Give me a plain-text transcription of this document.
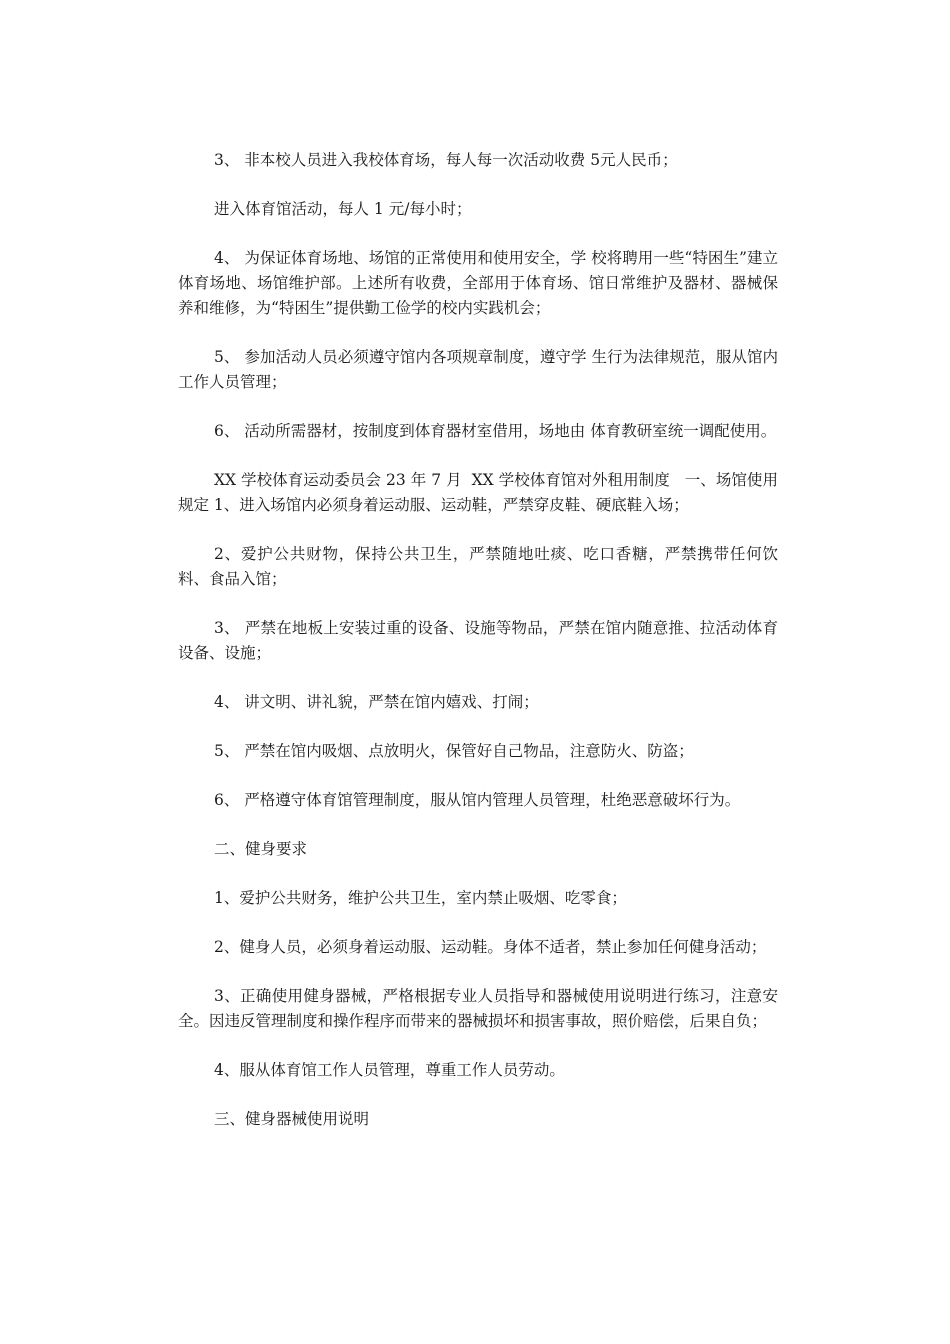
3、 非本校人员进入我校体育场，每人每一次活动收费 5元人民币；

进入体育馆活动，每人 1 元/每小时；

4、 为保证体育场地、场馆的正常使用和使用安全，学 校将聘用一些“特困生”建立体育场地、场馆维护部。上述所有收费，全部用于体育场、馆日常维护及器材、器械保养和维修，为“特困生”提供勤工俭学的校内实践机会；

5、 参加活动人员必须遵守馆内各项规章制度，遵守学 生行为法律规范，服从馆内工作人员管理；

6、 活动所需器材，按制度到体育器材室借用，场地由 体育教研室统一调配使用。

XX 学校体育运动委员会 23 年 7 月  XX 学校体育馆对外租用制度   一、场馆使用规定 1、进入场馆内必须身着运动服、运动鞋，严禁穿皮鞋、硬底鞋入场；

2、爱护公共财物，保持公共卫生，严禁随地吐痰、吃口香糖，严禁携带任何饮料、食品入馆；

3、 严禁在地板上安装过重的设备、设施等物品，严禁在馆内随意推、拉活动体育设备、设施；

4、 讲文明、讲礼貌，严禁在馆内嬉戏、打闹；

5、 严禁在馆内吸烟、点放明火，保管好自己物品，注意防火、防盗；

6、 严格遵守体育馆管理制度，服从馆内管理人员管理，杜绝恶意破坏行为。

二、健身要求

1、爱护公共财务，维护公共卫生，室内禁止吸烟、吃零食；

2、健身人员，必须身着运动服、运动鞋。身体不适者，禁止参加任何健身活动；

3、正确使用健身器械，严格根据专业人员指导和器械使用说明进行练习，注意安全。因违反管理制度和操作程序而带来的器械损坏和损害事故，照价赔偿，后果自负；

4、服从体育馆工作人员管理，尊重工作人员劳动。

三、健身器械使用说明
